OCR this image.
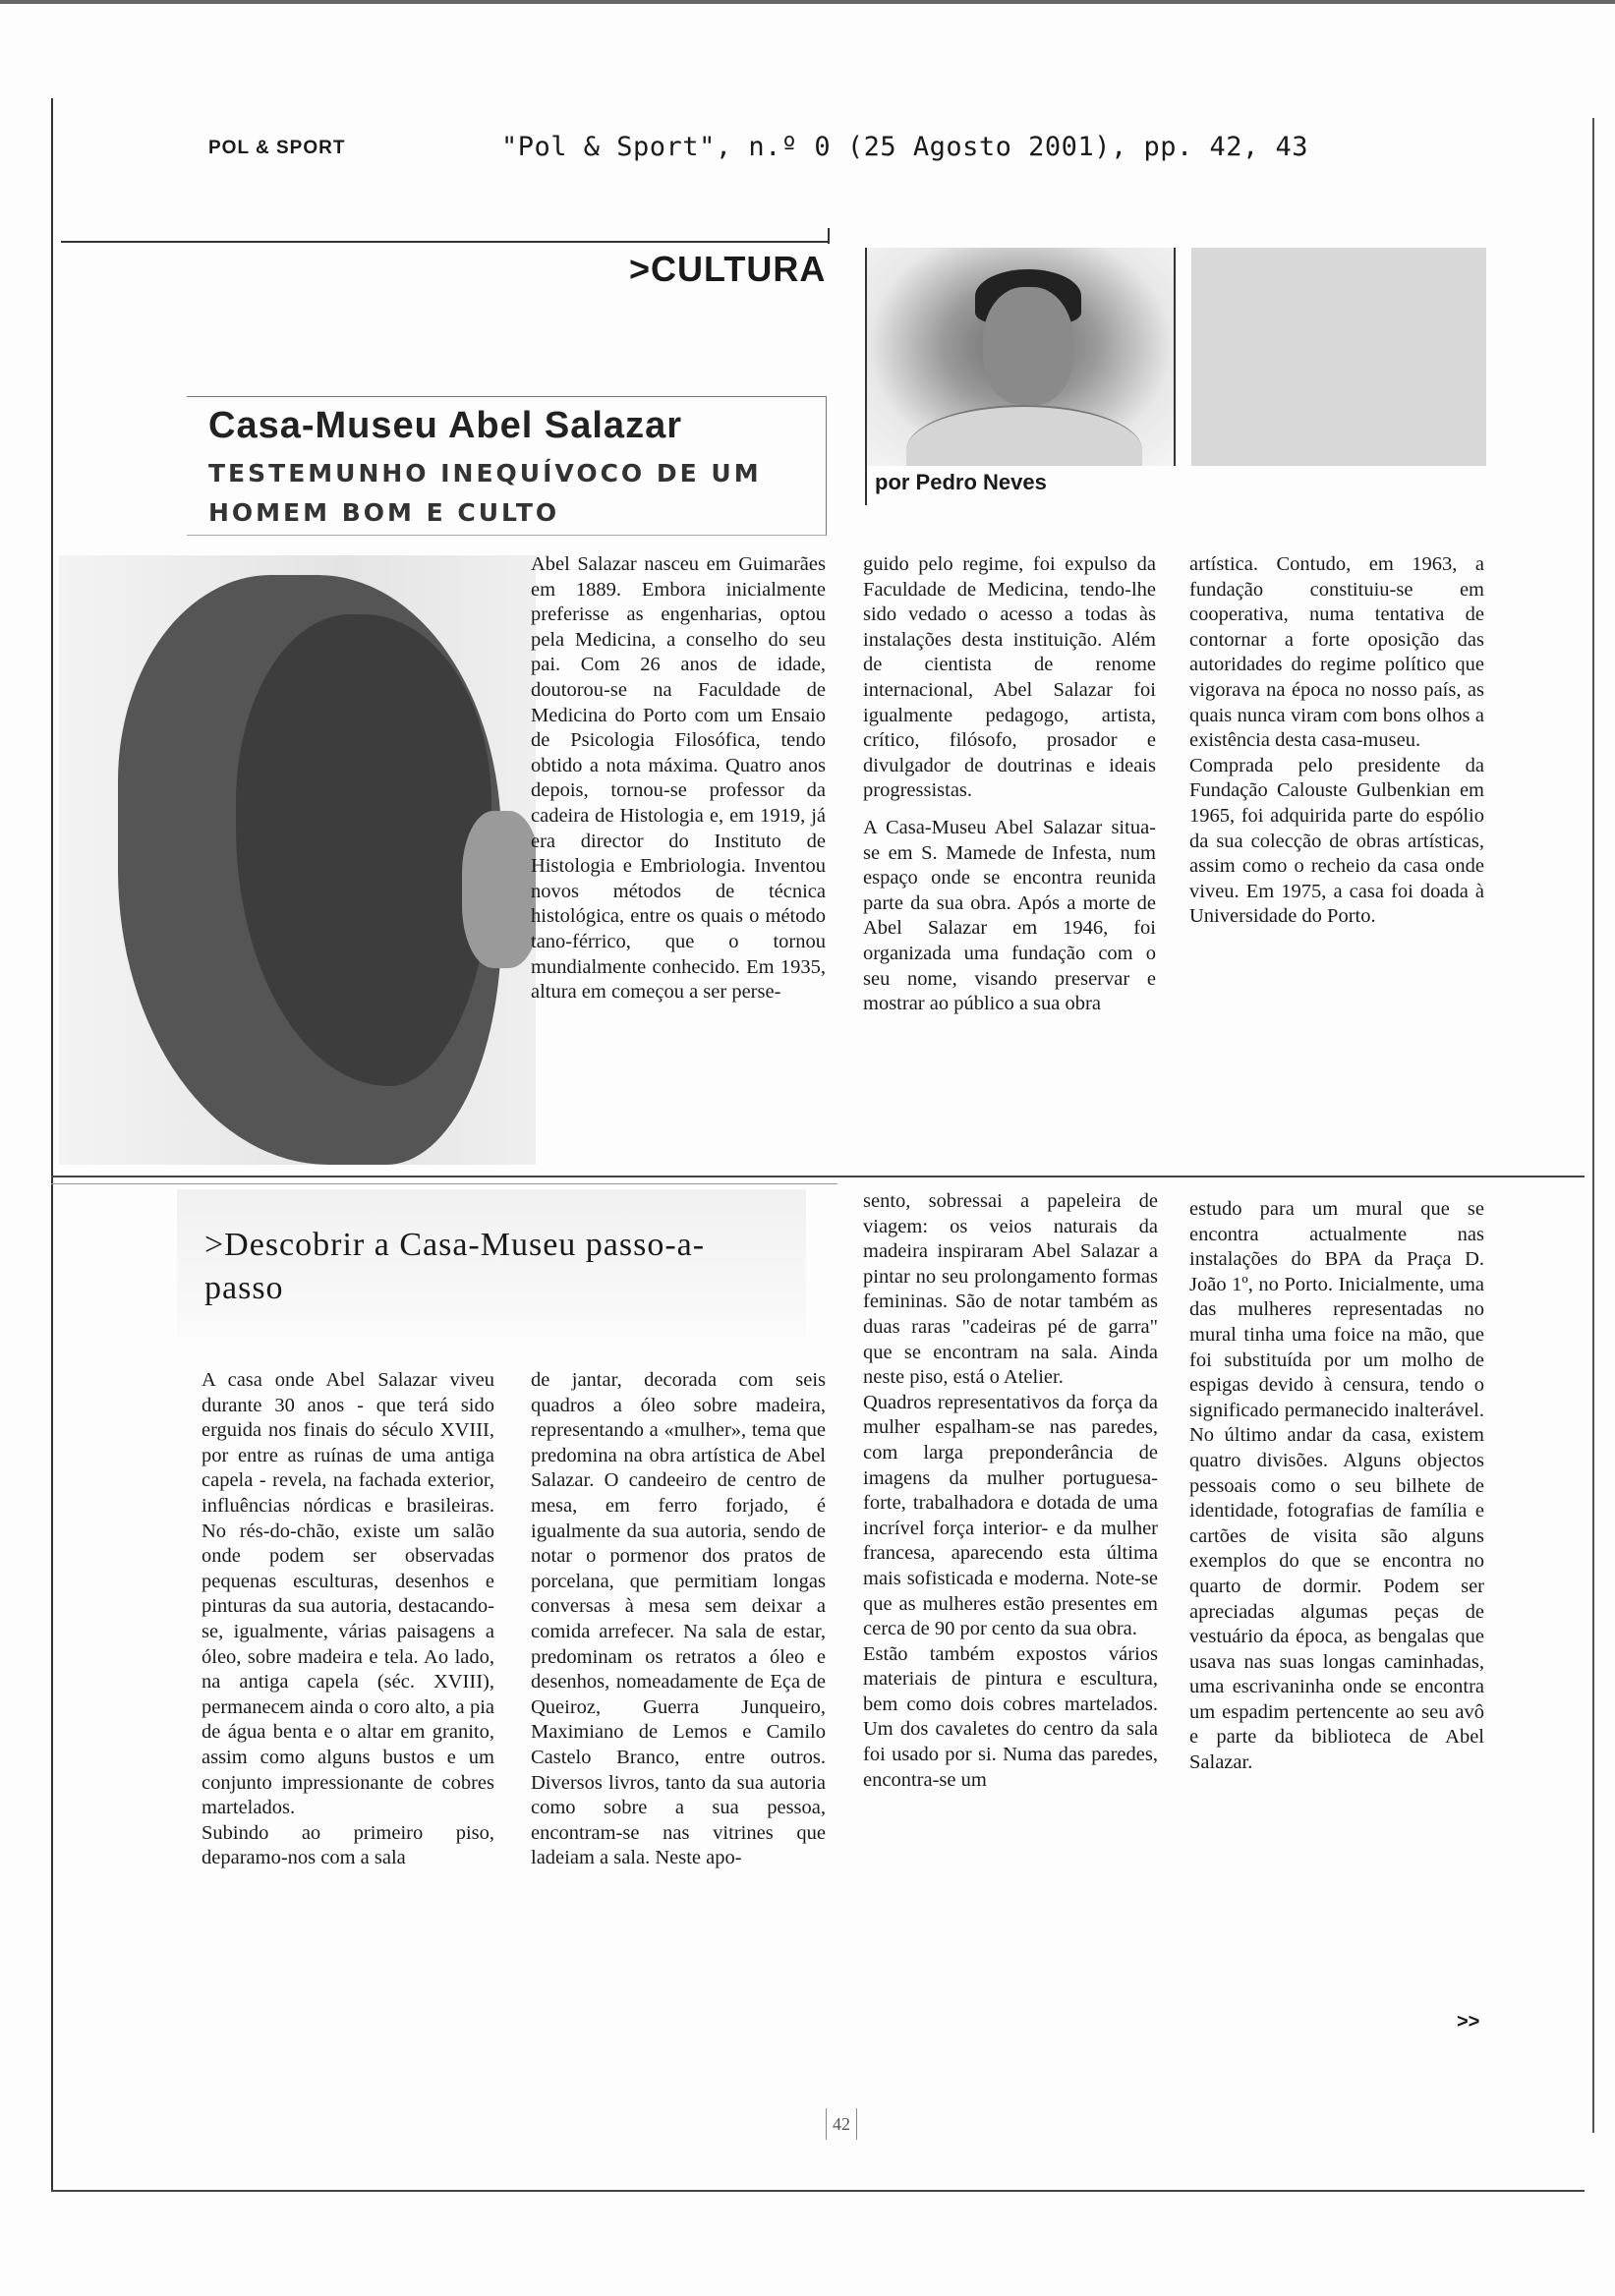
POL & SPORT	"Pol & Sport", n.º 0 (25 Agosto 2001), pp. 42, 43
>CULTURA
Casa-Museu Abel Salazar
TESTEMUNHO INEQUÍVOCO DE UM HOMEM BOM E CULTO
por Pedro Neves
Abel Salazar nasceu em Guimarães em 1889. Embora inicialmente preferisse as engenharias, optou pela Medicina, a conselho do seu pai. Com 26 anos de idade, doutorou-se na Faculdade de Medicina do Porto com um Ensaio de Psicologia Filosófica, tendo obtido a nota máxima. Quatro anos depois, tornou-se professor da cadeira de Histologia e, em 1919, já era director do Instituto de Histologia e Embriologia. Inventou novos métodos de técnica histológica, entre os quais o método tano-férrico, que o tornou mundialmente conhecido. Em 1935, altura em começou a ser perse-

guido pelo regime, foi expulso da Faculdade de Medicina, tendo-lhe sido vedado o acesso a todas às instalações desta instituição. Além de cientista de renome internacional, Abel Salazar foi igualmente pedagogo, artista, crítico, filósofo, prosador e divulgador de doutrinas e ideais progressistas.

A Casa-Museu Abel Salazar situa-se em S. Mamede de Infesta, num espaço onde se encontra reunida parte da sua obra. Após a morte de Abel Salazar em 1946, foi organizada uma fundação com o seu nome, visando preservar e mostrar ao público a sua obra

artística. Contudo, em 1963, a fundação constituiu-se em cooperativa, numa tentativa de contornar a forte oposição das autoridades do regime político que vigorava na época no nosso país, as quais nunca viram com bons olhos a existência desta casa-museu.

Comprada pelo presidente da Fundação Calouste Gulbenkian em 1965, foi adquirida parte do espólio da sua colecção de obras artísticas, assim como o recheio da casa onde viveu. Em 1975, a casa foi doada à Universidade do Porto.

>Descobrir a Casa-Museu passo-a-passo

A casa onde Abel Salazar viveu durante 30 anos - que terá sido erguida nos finais do século XVIII, por entre as ruínas de uma antiga capela - revela, na fachada exterior, influências nórdicas e brasileiras. No rés-do-chão, existe um salão onde podem ser observadas pequenas esculturas, desenhos e pinturas da sua autoria, destacando-se, igualmente, várias paisagens a óleo, sobre madeira e tela. Ao lado, na antiga capela (séc. XVIII), permanecem ainda o coro alto, a pia de água benta e o altar em granito, assim como alguns bustos e um conjunto impressionante de cobres martelados.

Subindo ao primeiro piso, deparamo-nos com a sala

de jantar, decorada com seis quadros a óleo sobre madeira, representando a «mulher», tema que predomina na obra artística de Abel Salazar. O candeeiro de centro de mesa, em ferro forjado, é igualmente da sua autoria, sendo de notar o pormenor dos pratos de porcelana, que permitiam longas conversas à mesa sem deixar a comida arrefecer. Na sala de estar, predominam os retratos a óleo e desenhos, nomeadamente de Eça de Queiroz, Guerra Junqueiro, Maximiano de Lemos e Camilo Castelo Branco, entre outros. Diversos livros, tanto da sua autoria como sobre a sua pessoa, encontram-se nas vitrines que ladeiam a sala. Neste apo-

sento, sobressai a papeleira de viagem: os veios naturais da madeira inspiraram Abel Salazar a pintar no seu prolongamento formas femininas. São de notar também as duas raras "cadeiras pé de garra" que se encontram na sala. Ainda neste piso, está o Atelier.

Quadros representativos da força da mulher espalham-se nas paredes, com larga preponderância de imagens da mulher portuguesa- forte, trabalhadora e dotada de uma incrível força interior- e da mulher francesa, aparecendo esta última mais sofisticada e moderna. Note-se que as mulheres estão presentes em cerca de 90 por cento da sua obra.

Estão também expostos vários materiais de pintura e escultura, bem como dois cobres martelados. Um dos cavaletes do centro da sala foi usado por si. Numa das paredes, encontra-se um

estudo para um mural que se encontra actualmente nas instalações do BPA da Praça D. João 1º, no Porto. Inicialmente, uma das mulheres representadas no mural tinha uma foice na mão, que foi substituída por um molho de espigas devido à censura, tendo o significado permanecido inalterável. No último andar da casa, existem quatro divisões. Alguns objectos pessoais como o seu bilhete de identidade, fotografias de família e cartões de visita são alguns exemplos do que se encontra no quarto de dormir. Podem ser apreciadas algumas peças de vestuário da época, as bengalas que usava nas suas longas caminhadas, uma escrivaninha onde se encontra um espadim pertencente ao seu avô e parte da biblioteca de Abel Salazar.
>>
42
